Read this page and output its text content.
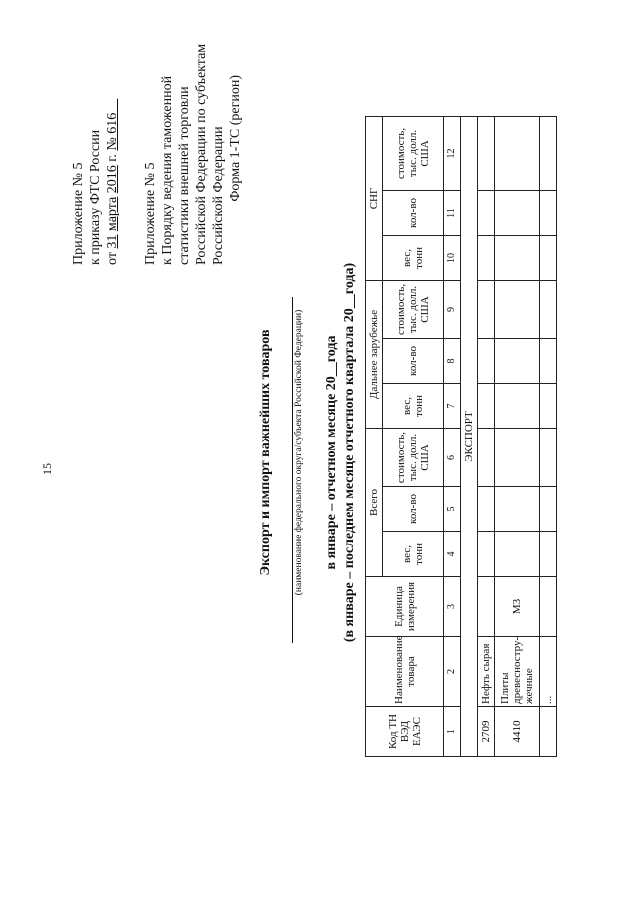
15
Приложение № 5 к приказу ФТС России от 31 марта 2016 г. № 616
Приложение № 5 к Порядку ведения таможенной статистики внешней торговли Российской Федерации по субъектам Российской Федерации Форма 1-ТС (регион)
Экспорт и импорт важнейших товаров (наименование федерального округа/субъекта Российской Федерации) в январе – отчетном месяце 20__года (в январе – последнем месяце отчетного квартала 20__года)
Код ТН ВЭД ЕАЭС	Наименование товара	Единица измерения	Всего			Дальнее зарубежье			СНГ		
			вес, тонн	кол-во	стоимость, тыс. долл. США	вес, тонн	кол-во	стоимость, тыс. долл. США	вес, тонн	кол-во	стоимость, тыс. долл. США
1	2	3	4	5	6	7	8	9	10	11	12
ЭКСПОРТ											
2709	Нефть сырая										
4410	Плиты древесностру-жечные	М3									
	...										
